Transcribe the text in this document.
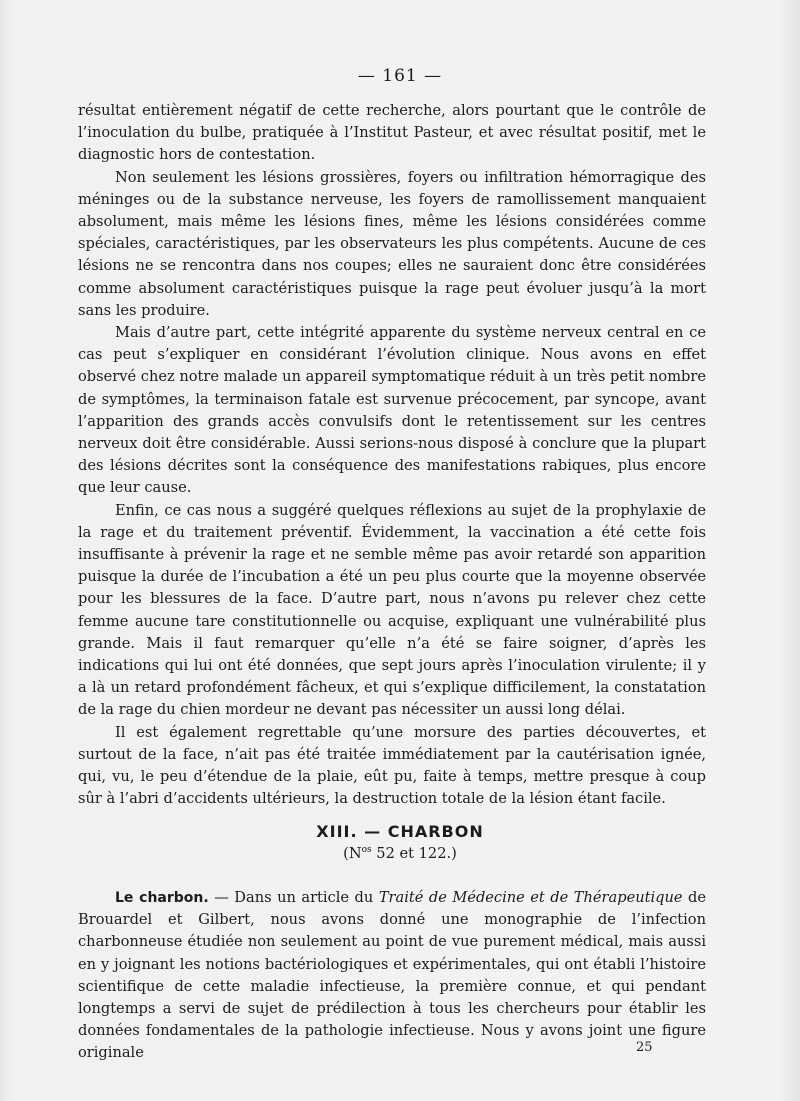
— 161 —

résultat entièrement négatif de cette recherche, alors pourtant que le contrôle de l’inoculation du bulbe, pratiquée à l’Institut Pasteur, et avec résultat positif, met le diagnostic hors de contestation.

Non seulement les lésions grossières, foyers ou infiltration hémorragique des méninges ou de la substance nerveuse, les foyers de ramollissement manquaient absolument, mais même les lésions fines, même les lésions considérées comme spéciales, caractéristiques, par les observateurs les plus compétents. Aucune de ces lésions ne se rencontra dans nos coupes; elles ne sauraient donc être considérées comme absolument caractéristiques puisque la rage peut évoluer jusqu’à la mort sans les produire.

Mais d’autre part, cette intégrité apparente du système nerveux central en ce cas peut s’expliquer en considérant l’évolution clinique. Nous avons en effet observé chez notre malade un appareil symptomatique réduit à un très petit nombre de symptômes, la terminaison fatale est survenue précocement, par syncope, avant l’apparition des grands accès convulsifs dont le retentissement sur les centres nerveux doit être considérable. Aussi serions-nous disposé à conclure que la plupart des lésions décrites sont la conséquence des manifestations rabiques, plus encore que leur cause.

Enfin, ce cas nous a suggéré quelques réflexions au sujet de la prophylaxie de la rage et du traitement préventif. Évidemment, la vaccination a été cette fois insuffisante à prévenir la rage et ne semble même pas avoir retardé son apparition puisque la durée de l’incubation a été un peu plus courte que la moyenne observée pour les blessures de la face. D’autre part, nous n’avons pu relever chez cette femme aucune tare constitutionnelle ou acquise, expliquant une vulnérabilité plus grande. Mais il faut remarquer qu’elle n’a été se faire soigner, d’après les indications qui lui ont été données, que sept jours après l’inoculation virulente; il y a là un retard profondément fâcheux, et qui s’explique difficilement, la constatation de la rage du chien mordeur ne devant pas nécessiter un aussi long délai.

Il est également regrettable qu’une morsure des parties découvertes, et surtout de la face, n’ait pas été traitée immédiatement par la cautérisation ignée, qui, vu, le peu d’étendue de la plaie, eût pu, faite à temps, mettre presque à coup sûr à l’abri d’accidents ultérieurs, la destruction totale de la lésion étant facile.

XIII. — CHARBON
($N^{os}$ 52 et 122.)

Le charbon. — Dans un article du Traité de Médecine et de Thérapeutique de Brouardel et Gilbert, nous avons donné une monographie de l’infection charbonneuse étudiée non seulement au point de vue purement médical, mais aussi en y joignant les notions bactériologiques et expérimentales, qui ont établi l’histoire scientifique de cette maladie infectieuse, la première connue, et qui pendant longtemps a servi de sujet de prédilection à tous les chercheurs pour établir les données fondamentales de la pathologie infectieuse. Nous y avons joint une figure originale	25
